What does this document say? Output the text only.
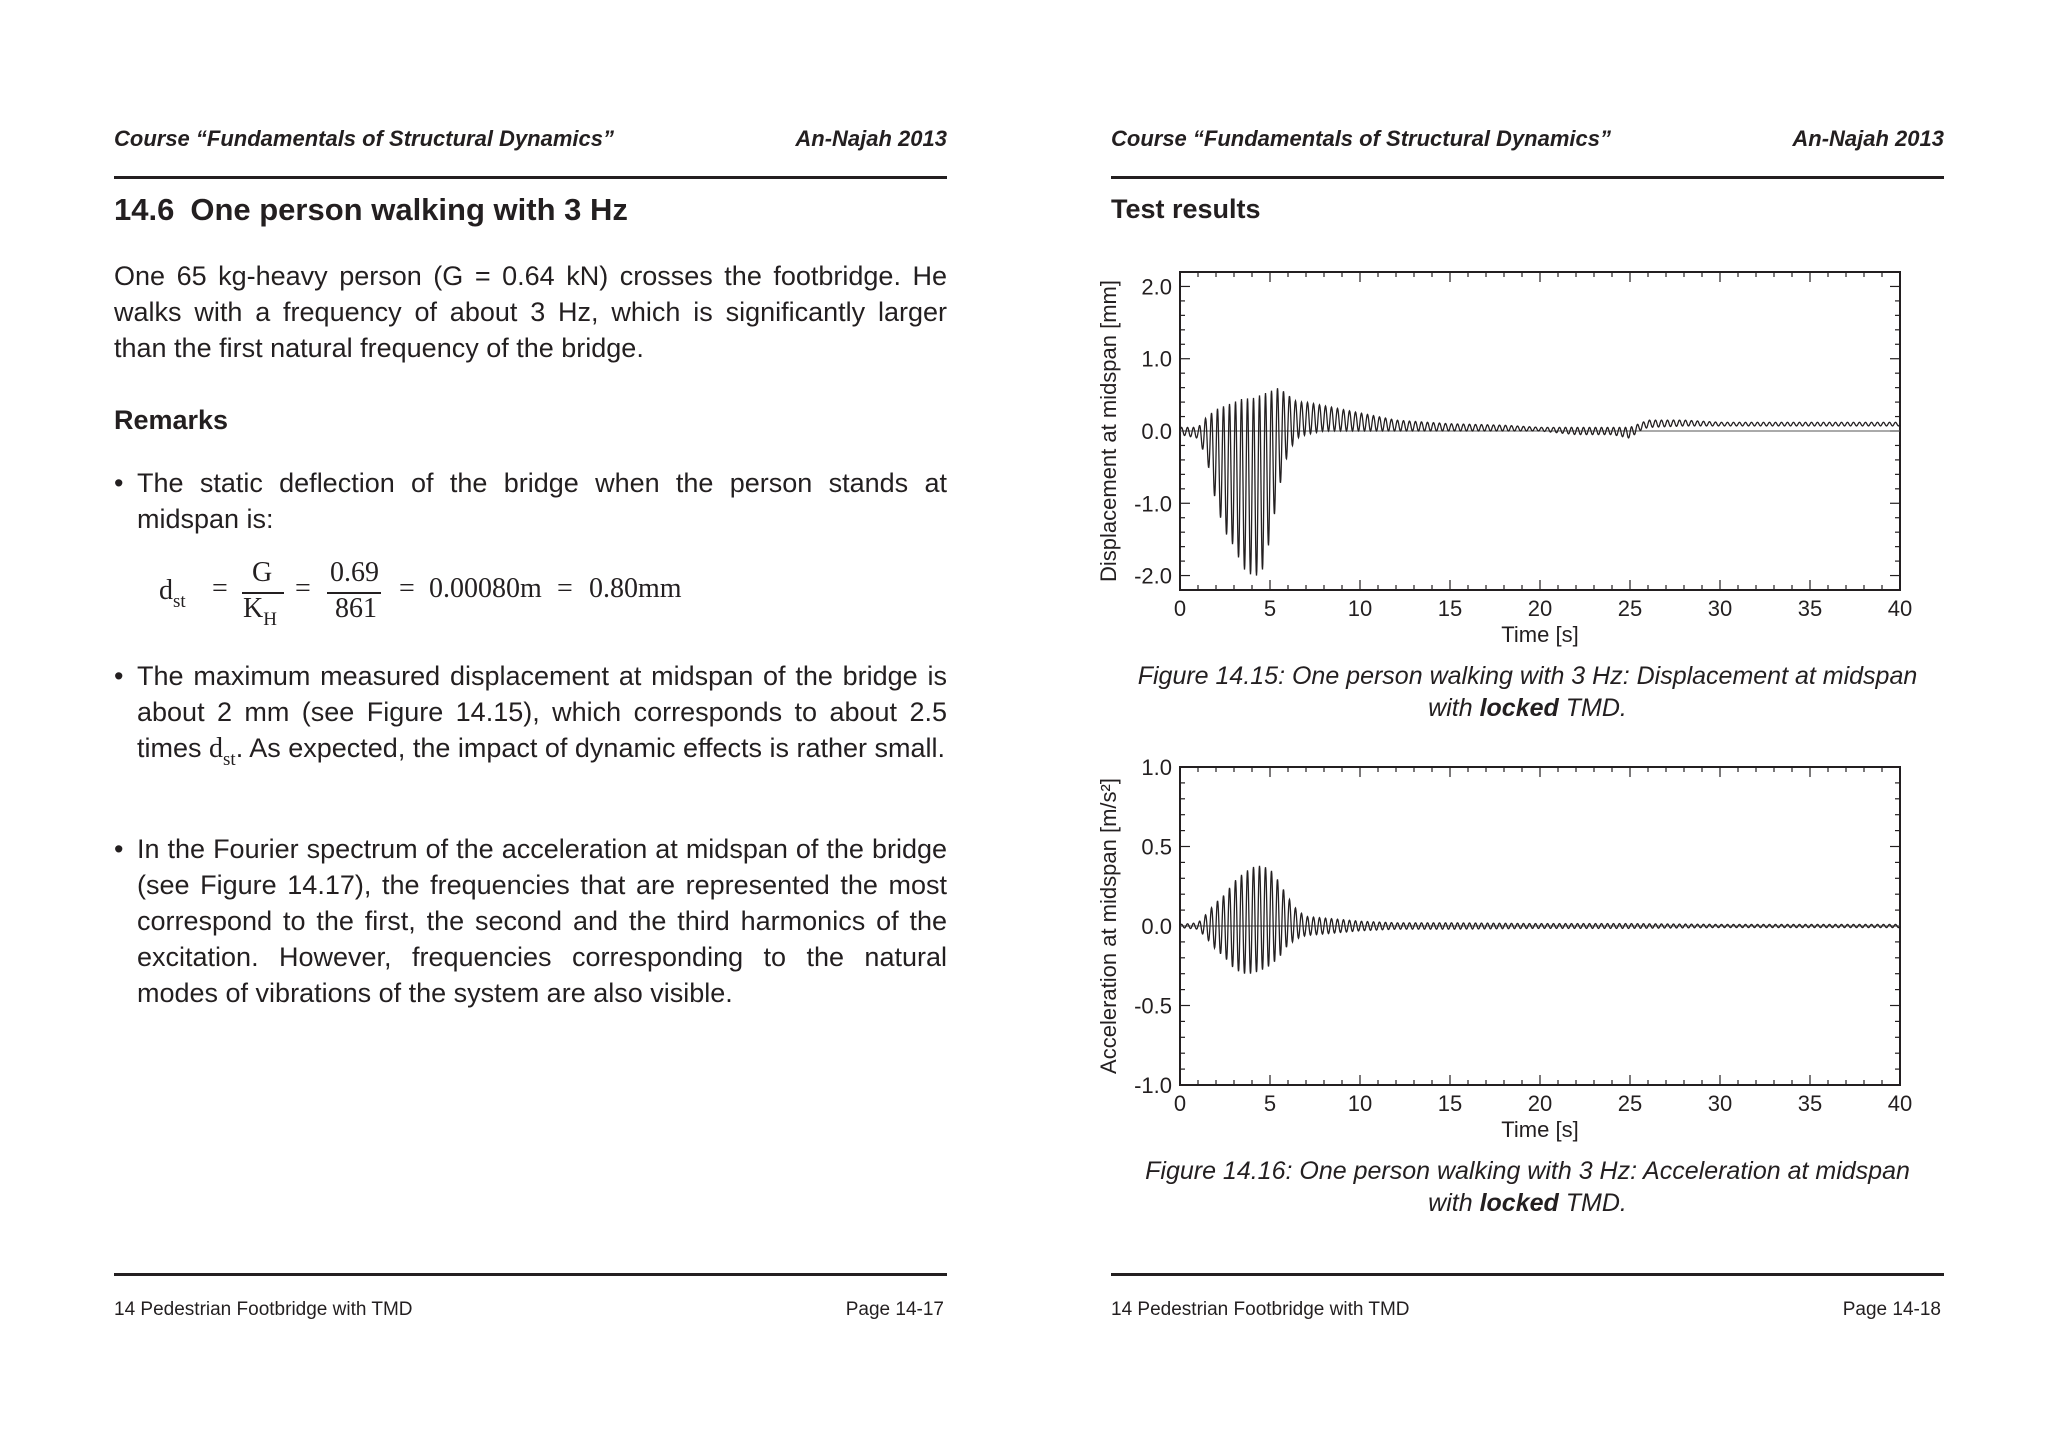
Course “Fundamentals of Structural Dynamics”	An-Najah 2013
14.6 One person walking with 3 Hz

One 65 kg-heavy person (G = 0.64 kN) crosses the footbridge. He walks with a frequency of about 3 Hz, which is significantly larger than the first natural frequency of the bridge.

Remarks
• The static deflection of the bridge when the person stands at midspan is:
$d_{st}$ =
G
$K_H$
=
0.69
861
= 0.00080m = 0.80mm
• The maximum measured displacement at midspan of the bridge is about 2 mm (see Figure 14.15), which corresponds to about 2.5 times $d_{st}$. As expected, the impact of dynamic effects is rather small.
• In the Fourier spectrum of the acceleration at midspan of the bridge (see Figure 14.17), the frequencies that are represented the most correspond to the first, the second and the third harmonics of the excitation. However, frequencies corresponding to the natural modes of vibrations of the system are also visible.
14 Pedestrian Footbridge with TMD	Page 14-17
Course “Fundamentals of Structural Dynamics”	An-Najah 2013
Test results
0	5	10	15	20	25	30	35	40
2.0
1.0
0.0
-1.0
-2.0
Time [s]
Displacement at midspan [mm]
Figure 14.15: One person walking with 3 Hz: Displacement at midspan
with locked TMD.
0	5	10	15	20	25	30	35	40
1.0
0.5
0.0
-0.5
-1.0
Time [s]
Acceleration at midspan [m/s²]
Figure 14.16: One person walking with 3 Hz: Acceleration at midspan
with locked TMD.
14 Pedestrian Footbridge with TMD	Page 14-18
